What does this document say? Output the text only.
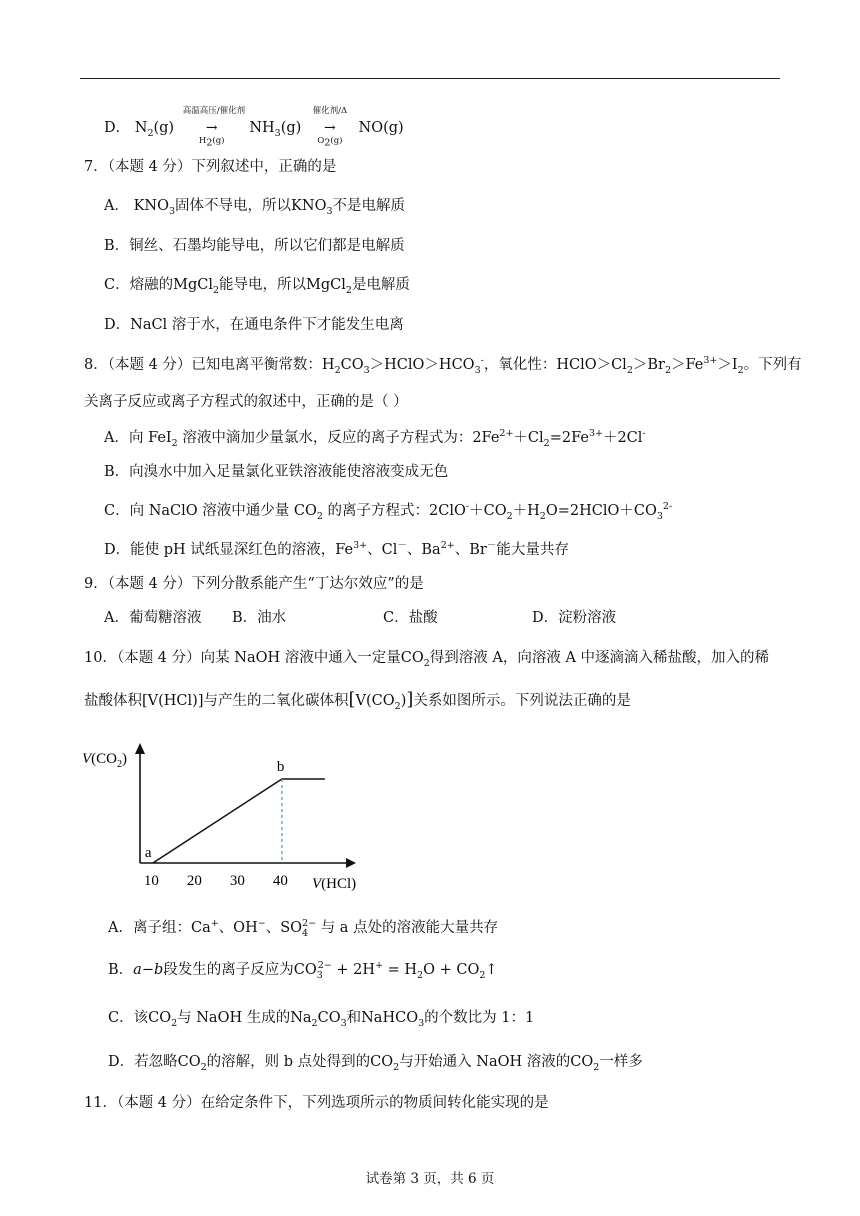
D． $N_2(g)$
高温高压/催化剂
→
$H_2(g)$
$NH_3(g)$
催化剂/Δ
→
$O_2(g)$
NO(g)
7．（本题 4 分）下列叙述中，正确的是
A． $KNO_3$固体不导电，所以$KNO_3$不是电解质
B．铜丝、石墨均能导电，所以它们都是电解质
C．熔融的MgCl$_2$能导电，所以MgCl$_2$是电解质
D．NaCl 溶于水，在通电条件下才能发生电离
8．（本题 4 分）已知电离平衡常数：$H_2CO_3>HClO>HCO_3^-$，氧化性：$HClO>Cl_2>Br_2>Fe^{3+}>I_2$。下列有
关离子反应或离子方程式的叙述中，正确的是（ ）
A．向 FeI$_2$ 溶液中滴加少量氯水，反应的离子方程式为：$2Fe^{2+}+Cl_2=2Fe^{3+}+2Cl^-$
B．向溴水中加入足量氯化亚铁溶液能使溶液变成无色
C．向 NaClO 溶液中通少量 $CO_2$ 的离子方程式：$2ClO^-+CO_2+H_2O=2HClO+CO_3^{2-}$
D．能使 pH 试纸显深红色的溶液，$Fe^{3+}$、Cl－、$Ba^{2+}$、Br－能大量共存
9．（本题 4 分）下列分散系能产生“丁达尔效应”的是
A．葡萄糖溶液 B．油水	C．盐酸	D．淀粉溶液
10．（本题 4 分）向某 NaOH 溶液中通入一定量$CO_2$得到溶液 A，向溶液 A 中逐滴滴入稀盐酸，加入的稀
盐酸体积[V(HCl)]与产生的二氧化碳体积$[V(CO_2)]$关系如图所示。下列说法正确的是
$V(CO_2)$
a
b
10 20 30 40 V(HCl)
A．离子组：Ca+、OH−、$SO_4^{2-}$ 与 a 点处的溶液能大量共存
B．a−b段发生的离子反应为$CO_3^{2-} + 2H^+ = H_2O$ + $CO_2↑$
C．该$CO_2$与 NaOH 生成的$Na_2CO_3$和NaHCO$_3$的个数比为 1：1
D．若忽略$CO_2$的溶解，则 b 点处得到的$CO_2$与开始通入 NaOH 溶液的$CO_2$一样多
11．（本题 4 分）在给定条件下，下列选项所示的物质间转化能实现的是
试卷第 3 页，共 6 页
